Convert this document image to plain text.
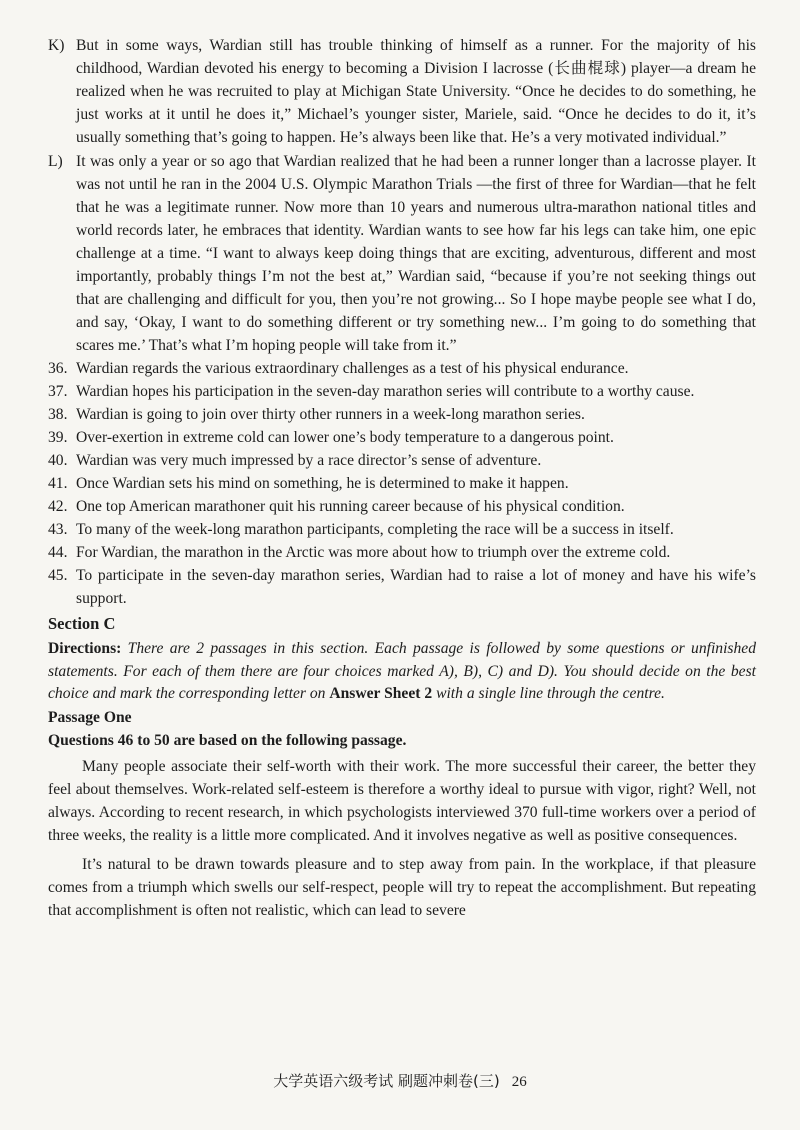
K) But in some ways, Wardian still has trouble thinking of himself as a runner. For the majority of his childhood, Wardian devoted his energy to becoming a Division I lacrosse (长曲棍球) player—a dream he realized when he was recruited to play at Michigan State University. “Once he decides to do something, he just works at it until he does it,” Michael’s younger sister, Mariele, said. “Once he decides to do it, it’s usually something that’s going to happen. He’s always been like that. He’s a very motivated individual.”

L) It was only a year or so ago that Wardian realized that he had been a runner longer than a lacrosse player. It was not until he ran in the 2004 U.S. Olympic Marathon Trials —the first of three for Wardian—that he felt that he was a legitimate runner. Now more than 10 years and numerous ultra-marathon national titles and world records later, he embraces that identity. Wardian wants to see how far his legs can take him, one epic challenge at a time. “I want to always keep doing things that are exciting, adventurous, different and most importantly, probably things I’m not the best at,” Wardian said, “because if you’re not seeking things out that are challenging and difficult for you, then you’re not growing... So I hope maybe people see what I do, and say, ‘Okay, I want to do something different or try something new... I’m going to do something that scares me.’ That’s what I’m hoping people will take from it.”

36. Wardian regards the various extraordinary challenges as a test of his physical endurance.

37. Wardian hopes his participation in the seven-day marathon series will contribute to a worthy cause.

38. Wardian is going to join over thirty other runners in a week-long marathon series.

39. Over-exertion in extreme cold can lower one’s body temperature to a dangerous point.

40. Wardian was very much impressed by a race director’s sense of adventure.

41. Once Wardian sets his mind on something, he is determined to make it happen.

42. One top American marathoner quit his running career because of his physical condition.

43. To many of the week-long marathon participants, completing the race will be a success in itself.

44. For Wardian, the marathon in the Arctic was more about how to triumph over the extreme cold.

45. To participate in the seven-day marathon series, Wardian had to raise a lot of money and have his wife’s support.

Section C

Directions: There are 2 passages in this section. Each passage is followed by some questions or unfinished statements. For each of them there are four choices marked A), B), C) and D). You should decide on the best choice and mark the corresponding letter on Answer Sheet 2 with a single line through the centre.

Passage One

Questions 46 to 50 are based on the following passage.

Many people associate their self-worth with their work. The more successful their career, the better they feel about themselves. Work-related self-esteem is therefore a worthy ideal to pursue with vigor, right? Well, not always. According to recent research, in which psychologists interviewed 370 full-time workers over a period of three weeks, the reality is a little more complicated. And it involves negative as well as positive consequences.

It’s natural to be drawn towards pleasure and to step away from pain. In the workplace, if that pleasure comes from a triumph which swells our self-respect, people will try to repeat the accomplishment. But repeating that accomplishment is often not realistic, which can lead to severe

大学英语六级考试 刷题冲刺卷(三) 26
